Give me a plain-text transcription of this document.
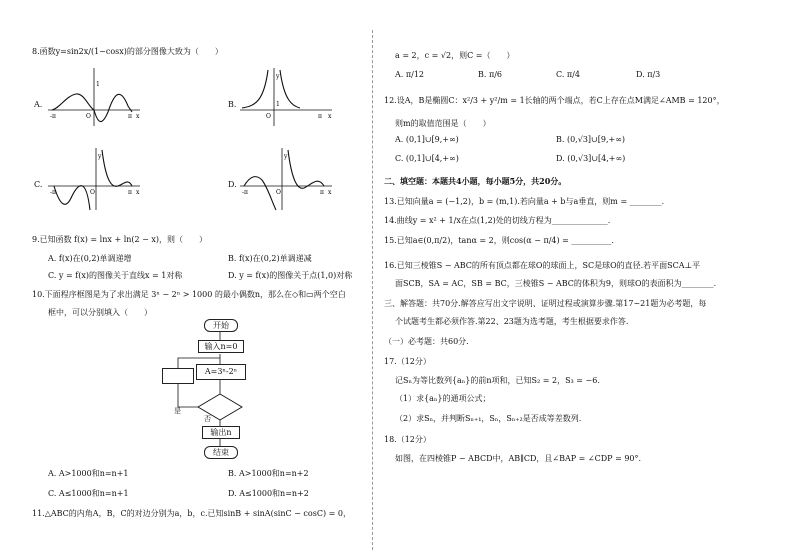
8.函数y=sin2x/(1−cosx)的部分图像大致为（　　）
A.
-π	O
1
π x
B.
y
O
1
π x
C.
y
O
-π	π x
D.
y
O
-π	π x
9.已知函数 f(x) = lnx + ln(2 − x)，则（　　）
A. f(x)在(0,2)单调递增	B. f(x)在(0,2)单调递减
C. y = f(x)的图像关于直线x = 1对称	D. y = f(x)的图像关于点(1,0)对称
10.下面程序框图是为了求出满足 3ⁿ − 2ⁿ > 1000 的最小偶数n，那么在◇和▭两个空白
框中，可以分别填入（　　）
开始
输入n=0
A=3ⁿ-2ⁿ
是
否
输出n
结束
A. A>1000和n=n+1	B. A>1000和n=n+2
C. A≤1000和n=n+1	D. A≤1000和n=n+2
11.△ABC的内角A，B，C的对边分别为a，b，c.已知sinB + sinA(sinC − cosC) = 0，
a = 2，c = √2，则C =（　　）
A. π/12	B. π/6	C. π/4	D. π/3
12.设A，B是椭圆C：x²/3 + y²/m = 1长轴的两个端点，若C上存在点M满足∠AMB = 120°，
则m的取值范围是（　　）
A. (0,1]∪[9,+∞)	B. (0,√3]∪[9,+∞)
C. (0,1]∪[4,+∞)	D. (0,√3]∪[4,+∞)
二、填空题：本题共4小题，每小题5分，共20分。
13.已知向量a = (−1,2)，b = (m,1).若向量a + b与a垂直，则m = ________.
14.曲线y = x² + 1/x在点(1,2)处的切线方程为______________.
15.已知a∈(0,π/2)，tanα = 2，则cos(α − π/4) = __________.
16.已知三棱锥S − ABC的所有顶点都在球O的球面上，SC是球O的直径.若平面SCA⊥平
面SCB，SA = AC，SB = BC，三棱锥S − ABC的体积为9，则球O的表面积为________.
三、解答题：共70分.解答应写出文字说明、证明过程或演算步骤.第17~21题为必考题，每
个试题考生都必须作答.第22、23题为选考题，考生根据要求作答.
（一）必考题：共60分.
17.（12分）
记Sₙ为等比数列{aₙ}的前n项和，已知S₂ = 2，S₃ = −6.
（1）求{aₙ}的通项公式；
（2）求Sₙ，并判断Sₙ₊₁，Sₙ，Sₙ₊₂是否成等差数列.
18.（12分）
如图，在四棱锥P − ABCD中，AB∥CD，且∠BAP = ∠CDP = 90°.
